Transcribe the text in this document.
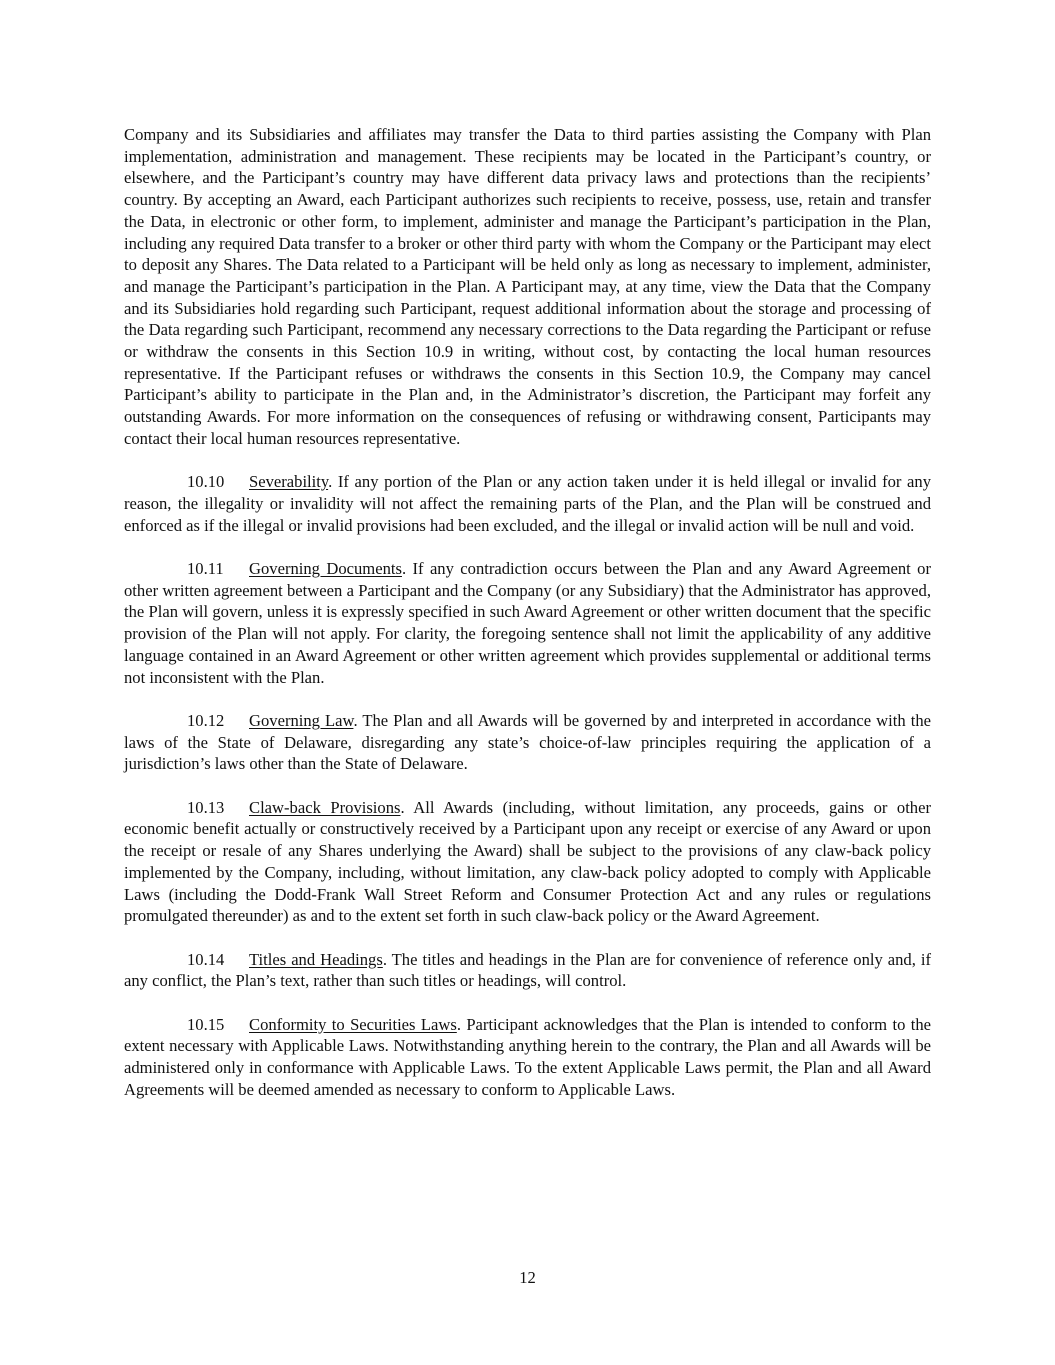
Company and its Subsidiaries and affiliates may transfer the Data to third parties assisting the Company with Plan implementation, administration and management. These recipients may be located in the Participant’s country, or elsewhere, and the Participant’s country may have different data privacy laws and protections than the recipients’ country. By accepting an Award, each Participant authorizes such recipients to receive, possess, use, retain and transfer the Data, in electronic or other form, to implement, administer and manage the Participant’s participation in the Plan, including any required Data transfer to a broker or other third party with whom the Company or the Participant may elect to deposit any Shares. The Data related to a Participant will be held only as long as necessary to implement, administer, and manage the Participant’s participation in the Plan. A Participant may, at any time, view the Data that the Company and its Subsidiaries hold regarding such Participant, request additional information about the storage and processing of the Data regarding such Participant, recommend any necessary corrections to the Data regarding the Participant or refuse or withdraw the consents in this Section 10.9 in writing, without cost, by contacting the local human resources representative. If the Participant refuses or withdraws the consents in this Section 10.9, the Company may cancel Participant’s ability to participate in the Plan and, in the Administrator’s discretion, the Participant may forfeit any outstanding Awards. For more information on the consequences of refusing or withdrawing consent, Participants may contact their local human resources representative.

10.10 Severability. If any portion of the Plan or any action taken under it is held illegal or invalid for any reason, the illegality or invalidity will not affect the remaining parts of the Plan, and the Plan will be construed and enforced as if the illegal or invalid provisions had been excluded, and the illegal or invalid action will be null and void.

10.11 Governing Documents. If any contradiction occurs between the Plan and any Award Agreement or other written agreement between a Participant and the Company (or any Subsidiary) that the Administrator has approved, the Plan will govern, unless it is expressly specified in such Award Agreement or other written document that the specific provision of the Plan will not apply. For clarity, the foregoing sentence shall not limit the applicability of any additive language contained in an Award Agreement or other written agreement which provides supplemental or additional terms not inconsistent with the Plan.

10.12 Governing Law. The Plan and all Awards will be governed by and interpreted in accordance with the laws of the State of Delaware, disregarding any state’s choice-of-law principles requiring the application of a jurisdiction’s laws other than the State of Delaware.

10.13 Claw-back Provisions. All Awards (including, without limitation, any proceeds, gains or other economic benefit actually or constructively received by a Participant upon any receipt or exercise of any Award or upon the receipt or resale of any Shares underlying the Award) shall be subject to the provisions of any claw-back policy implemented by the Company, including, without limitation, any claw-back policy adopted to comply with Applicable Laws (including the Dodd-Frank Wall Street Reform and Consumer Protection Act and any rules or regulations promulgated thereunder) as and to the extent set forth in such claw-back policy or the Award Agreement.

10.14 Titles and Headings. The titles and headings in the Plan are for convenience of reference only and, if any conflict, the Plan’s text, rather than such titles or headings, will control.

10.15 Conformity to Securities Laws. Participant acknowledges that the Plan is intended to conform to the extent necessary with Applicable Laws. Notwithstanding anything herein to the contrary, the Plan and all Awards will be administered only in conformance with Applicable Laws. To the extent Applicable Laws permit, the Plan and all Award Agreements will be deemed amended as necessary to conform to Applicable Laws.

12
